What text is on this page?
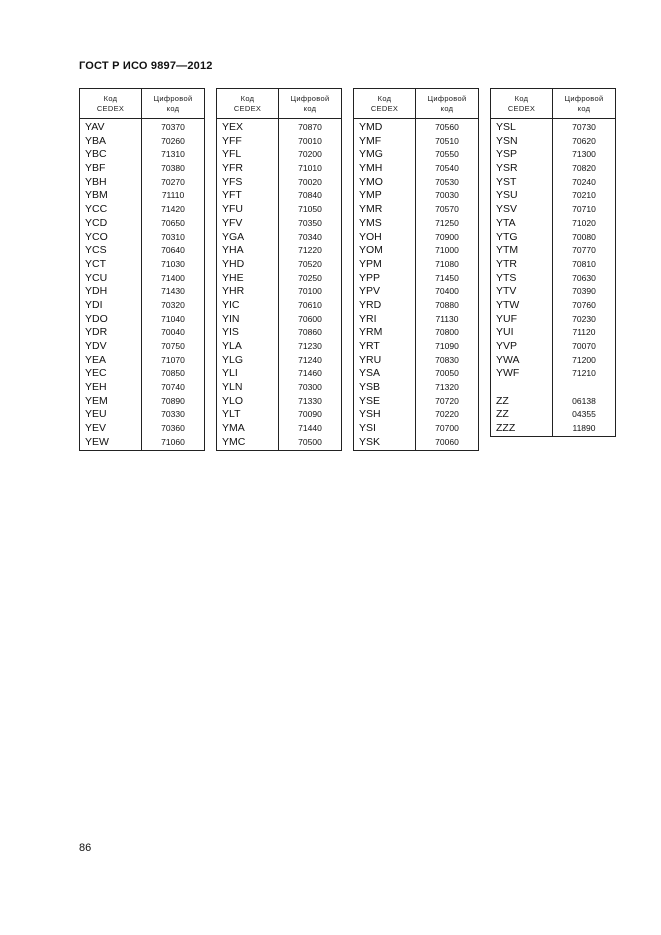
ГОСТ Р ИСО 9897—2012
Код
CEDEX
Цифровой
код
YAV
YBA
YBC
YBF
YBH
YBM
YCC
YCD
YCO
YCS
YCT
YCU
YDH
YDI
YDO
YDR
YDV
YEA
YEC
YEH
YEM
YEU
YEV
YEW
70370
70260
71310
70380
70270
71110
71420
70650
70310
70640
71030
71400
71430
70320
71040
70040
70750
71070
70850
70740
70890
70330
70360
71060
Код
CEDEX
Цифровой
код
YEX
YFF
YFL
YFR
YFS
YFT
YFU
YFV
YGA
YHA
YHD
YHE
YHR
YIC
YIN
YIS
YLA
YLG
YLI
YLN
YLO
YLT
YMA
YMC
70870
70010
70200
71010
70020
70840
71050
70350
70340
71220
70520
70250
70100
70610
70600
70860
71230
71240
71460
70300
71330
70090
71440
70500
Код
CEDEX
Цифровой
код
YMD
YMF
YMG
YMH
YMO
YMP
YMR
YMS
YOH
YOM
YPM
YPP
YPV
YRD
YRI
YRM
YRT
YRU
YSA
YSB
YSE
YSH
YSI
YSK
70560
70510
70550
70540
70530
70030
70570
71250
70900
71000
71080
71450
70400
70880
71130
70800
71090
70830
70050
71320
70720
70220
70700
70060
Код
CEDEX
Цифровой
код
YSL
YSN
YSP
YSR
YST
YSU
YSV
YTA
YTG
YTM
YTR
YTS
YTV
YTW
YUF
YUI
YVP
YWA
YWF
ZZ
ZZ
ZZZ
70730
70620
71300
70820
70240
70210
70710
71020
70080
70770
70810
70630
70390
70760
70230
71120
70070
71200
71210
06138
04355
11890
86
